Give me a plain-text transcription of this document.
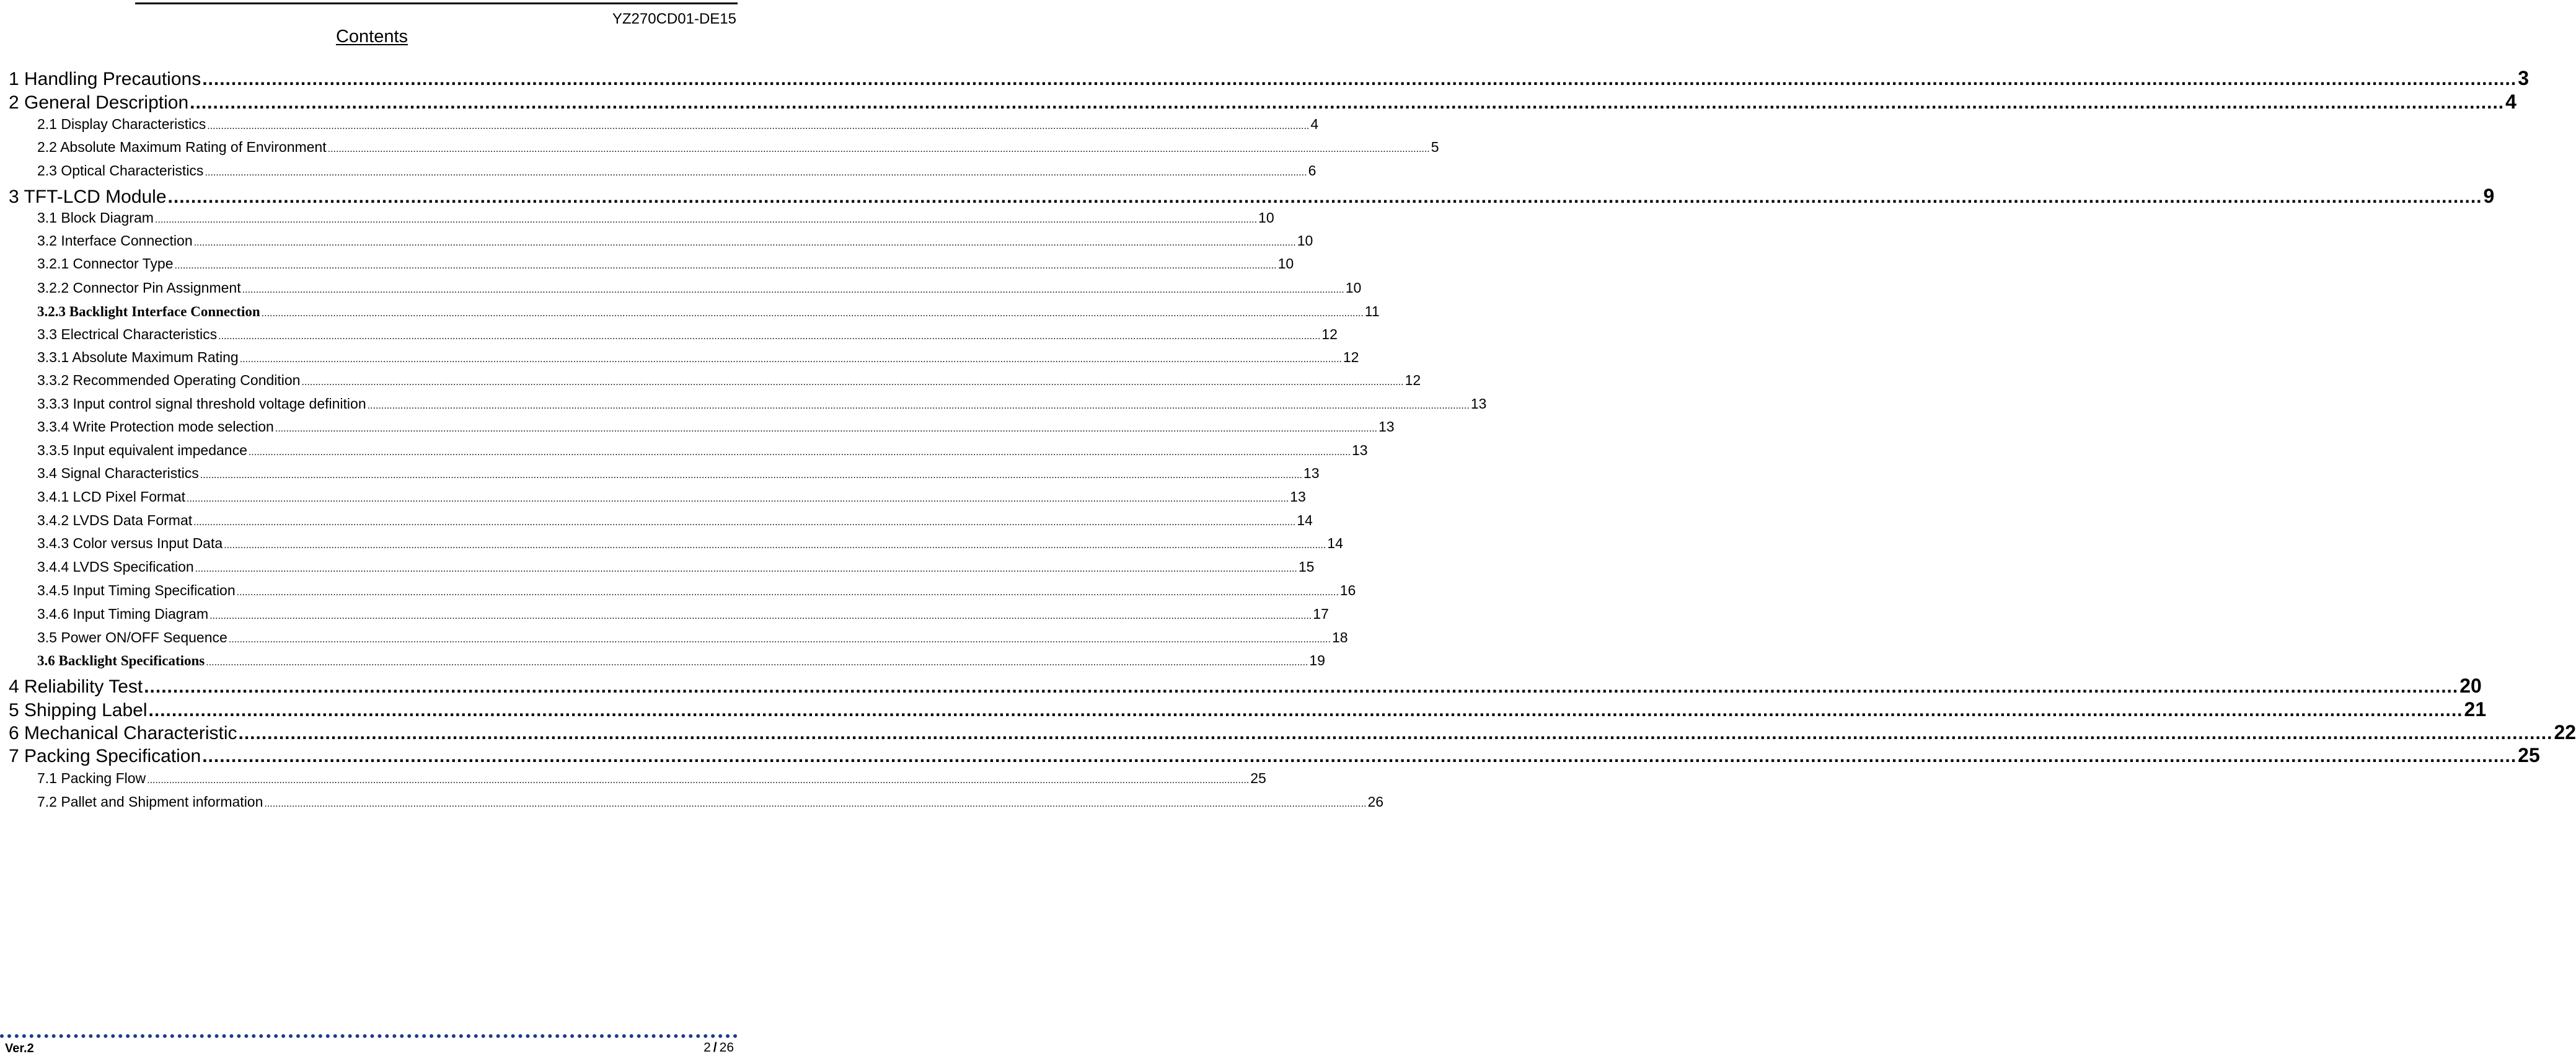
YZ270CD01-DE15
Contents
1 Handling Precautions ................................................................................................................................................................................................................................................................................................................................................................................................................ 3
2 General Description ................................................................................................................................................................................................................................................................................................................................................................................................................ 4
2.1 Display Characteristics ................................................................................................................................................................................................................................................................................................................................................................................................................ 4
2.2 Absolute Maximum Rating of Environment ................................................................................................................................................................................................................................................................................................................................................................................................................ 5
2.3 Optical Characteristics ................................................................................................................................................................................................................................................................................................................................................................................................................ 6
3 TFT-LCD Module ................................................................................................................................................................................................................................................................................................................................................................................................................ 9
3.1 Block Diagram ................................................................................................................................................................................................................................................................................................................................................................................................................ 10
3.2 Interface Connection ................................................................................................................................................................................................................................................................................................................................................................................................................ 10
3.2.1 Connector Type ................................................................................................................................................................................................................................................................................................................................................................................................................ 10
3.2.2 Connector Pin Assignment ................................................................................................................................................................................................................................................................................................................................................................................................................ 10
3.2.3 Backlight Interface Connection ................................................................................................................................................................................................................................................................................................................................................................................................................ 11
3.3 Electrical Characteristics ................................................................................................................................................................................................................................................................................................................................................................................................................ 12
3.3.1 Absolute Maximum Rating ................................................................................................................................................................................................................................................................................................................................................................................................................ 12
3.3.2 Recommended Operating Condition ................................................................................................................................................................................................................................................................................................................................................................................................................ 12
3.3.3 Input control signal threshold voltage definition ................................................................................................................................................................................................................................................................................................................................................................................................................ 13
3.3.4 Write Protection mode selection ................................................................................................................................................................................................................................................................................................................................................................................................................ 13
3.3.5 Input equivalent impedance ................................................................................................................................................................................................................................................................................................................................................................................................................ 13
3.4 Signal Characteristics ................................................................................................................................................................................................................................................................................................................................................................................................................ 13
3.4.1 LCD Pixel Format ................................................................................................................................................................................................................................................................................................................................................................................................................ 13
3.4.2 LVDS Data Format ................................................................................................................................................................................................................................................................................................................................................................................................................ 14
3.4.3 Color versus Input Data ................................................................................................................................................................................................................................................................................................................................................................................................................ 14
3.4.4 LVDS Specification ................................................................................................................................................................................................................................................................................................................................................................................................................ 15
3.4.5 Input Timing Specification ................................................................................................................................................................................................................................................................................................................................................................................................................ 16
3.4.6 Input Timing Diagram ................................................................................................................................................................................................................................................................................................................................................................................................................ 17
3.5 Power ON/OFF Sequence ................................................................................................................................................................................................................................................................................................................................................................................................................ 18
3.6 Backlight Specifications ................................................................................................................................................................................................................................................................................................................................................................................................................ 19
4 Reliability Test ................................................................................................................................................................................................................................................................................................................................................................................................................ 20
5 Shipping Label ................................................................................................................................................................................................................................................................................................................................................................................................................ 21
6 Mechanical Characteristic ................................................................................................................................................................................................................................................................................................................................................................................................................ 22
7 Packing Specification ................................................................................................................................................................................................................................................................................................................................................................................................................ 25
7.1 Packing Flow ................................................................................................................................................................................................................................................................................................................................................................................................................ 25
7.2 Pallet and Shipment information ................................................................................................................................................................................................................................................................................................................................................................................................................ 26
Ver.2	2 / 26
